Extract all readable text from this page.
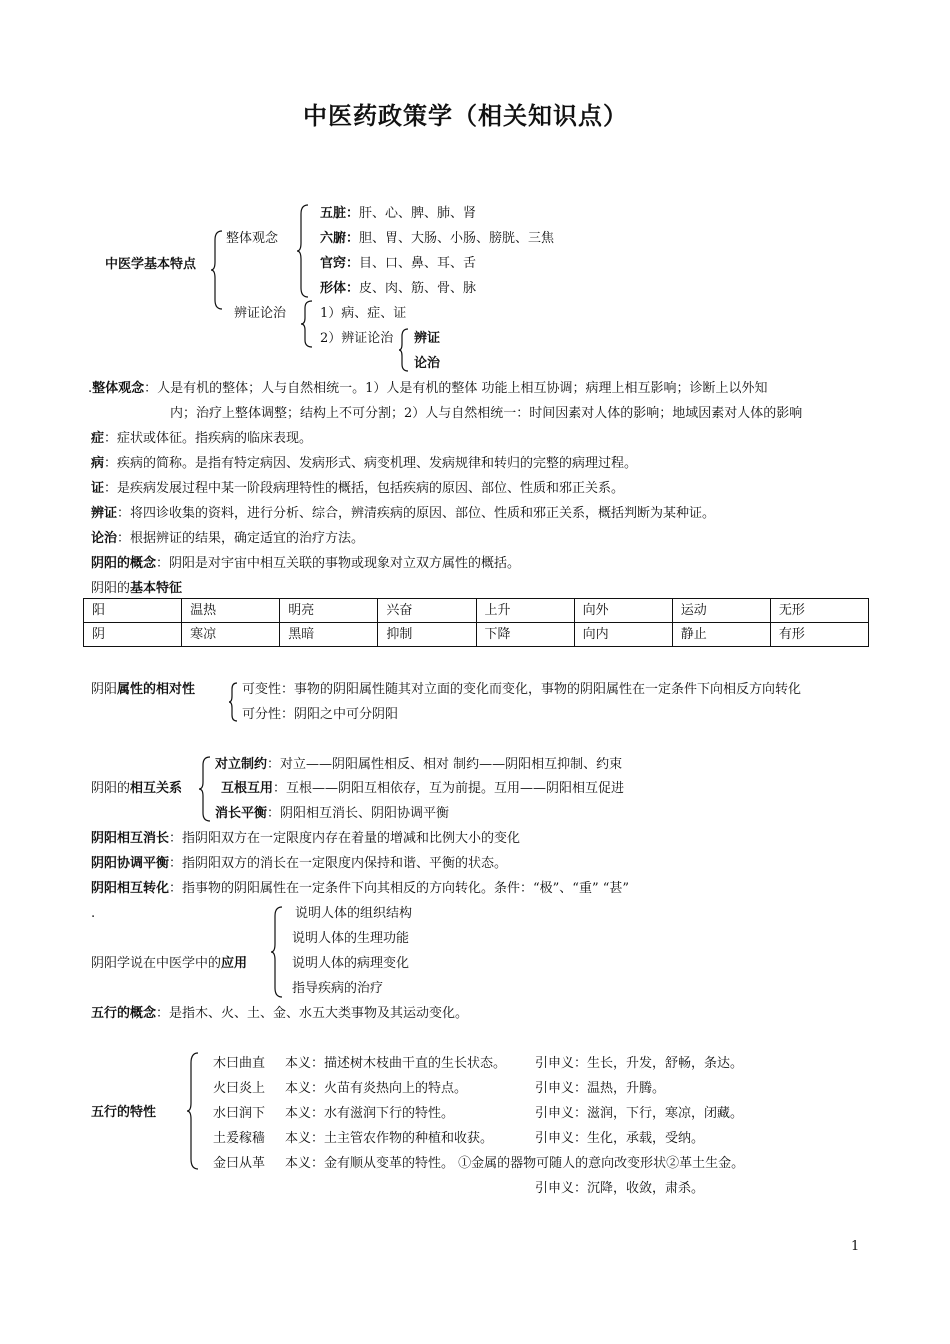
中医药政策学（相关知识点）
中医学基本特点
整体观念
五脏：肝、心、脾、肺、肾
六腑：胆、胃、大肠、小肠、膀胱、三焦
官窍：目、口、鼻、耳、舌
形体：皮、肉、筋、骨、脉
辨证论治	1）病、症、证
2）辨证论治 辨证
论治
.整体观念：人是有机的整体；人与自然相统一。1）人是有机的整体 功能上相互协调；病理上相互影响；诊断上以外知
内；治疗上整体调整；结构上不可分割；2）人与自然相统一：时间因素对人体的影响；地域因素对人体的影响
症：症状或体征。指疾病的临床表现。
病：疾病的简称。是指有特定病因、发病形式、病变机理、发病规律和转归的完整的病理过程。
证：是疾病发展过程中某一阶段病理特性的概括，包括疾病的原因、部位、性质和邪正关系。
辨证：将四诊收集的资料，进行分析、综合，辨清疾病的原因、部位、性质和邪正关系，概括判断为某种证。
论治：根据辨证的结果，确定适宜的治疗方法。
阴阳的概念：阴阳是对宇宙中相互关联的事物或现象对立双方属性的概括。
阴阳的基本特征
阳	温热	明亮	兴奋	上升	向外	运动	无形
阴	寒凉	黑暗	抑制	下降	向内	静止	有形
阴阳属性的相对性	可变性：事物的阴阳属性随其对立面的变化而变化，事物的阴阳属性在一定条件下向相反方向转化
可分性：阴阳之中可分阴阳
阴阳的相互关系
对立制约：对立——阴阳属性相反、相对 制约——阴阳相互抑制、约束
互根互用：互根——阴阳互相依存，互为前提。互用——阴阳相互促进
消长平衡：阴阳相互消长、阴阳协调平衡
阴阳相互消长：指阴阳双方在一定限度内存在着量的增减和比例大小的变化
阴阳协调平衡：指阴阳双方的消长在一定限度内保持和谐、平衡的状态。
阴阳相互转化：指事物的阴阳属性在一定条件下向其相反的方向转化。条件：“极”、“重” “甚”
.
阴阳学说在中医学中的应用
说明人体的组织结构
说明人体的生理功能
说明人体的病理变化
指导疾病的治疗
五行的概念：是指木、火、土、金、水五大类事物及其运动变化。
五行的特性
木曰曲直 本义：描述树木枝曲干直的生长状态。 引申义：生长，升发，舒畅，条达。
火曰炎上 本义：火苗有炎热向上的特点。	引申义：温热，升腾。
水曰润下 本义：水有滋润下行的特性。	引申义：滋润，下行，寒凉，闭藏。
土爰稼穑 本义：土主管农作物的种植和收获。	引申义：生化，承载，受纳。
金曰从革 本义：金有顺从变革的特性。 ①金属的器物可随人的意向改变形状②革土生金。
引申义：沉降，收敛，肃杀。
1
